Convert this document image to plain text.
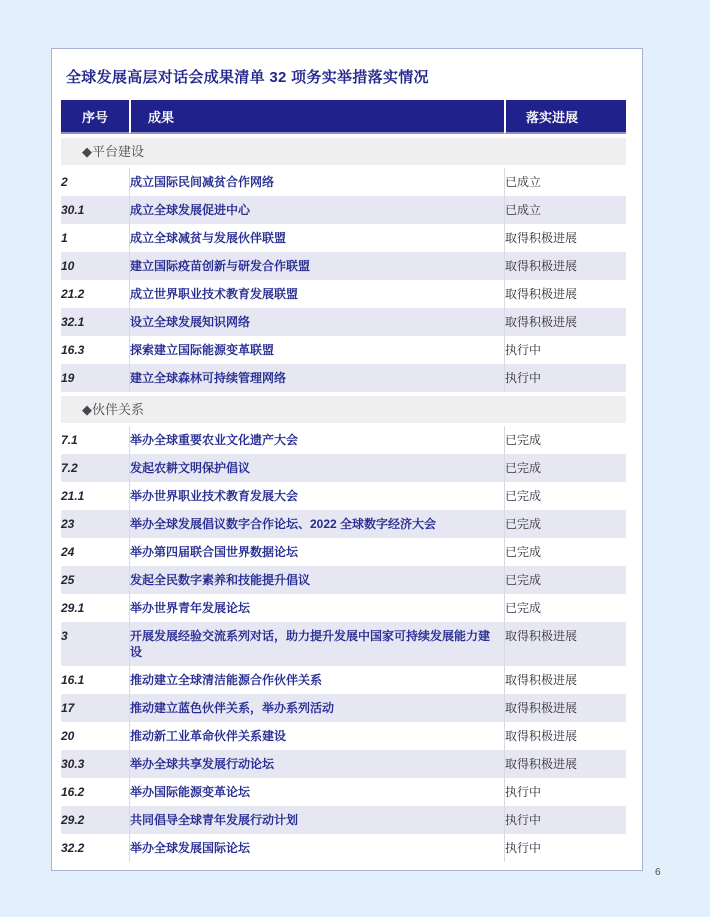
全球发展高层对话会成果清单 32 项务实举措落实情况
序号	成果	落实进展
◆平台建设		
2	成立国际民间减贫合作网络	已成立
30.1	成立全球发展促进中心	已成立
1	成立全球减贫与发展伙伴联盟	取得积极进展
10	建立国际疫苗创新与研发合作联盟	取得积极进展
21.2	成立世界职业技术教育发展联盟	取得积极进展
32.1	设立全球发展知识网络	取得积极进展
16.3	探索建立国际能源变革联盟	执行中
19	建立全球森林可持续管理网络	执行中
◆伙伴关系		
7.1	举办全球重要农业文化遗产大会	已完成
7.2	发起农耕文明保护倡议	已完成
21.1	举办世界职业技术教育发展大会	已完成
23	举办全球发展倡议数字合作论坛、2022 全球数字经济大会	已完成
24	举办第四届联合国世界数据论坛	已完成
25	发起全民数字素养和技能提升倡议	已完成
29.1	举办世界青年发展论坛	已完成
3	开展发展经验交流系列对话，助力提升发展中国家可持续发展能力建设	取得积极进展
16.1	推动建立全球清洁能源合作伙伴关系	取得积极进展
17	推动建立蓝色伙伴关系，举办系列活动	取得积极进展
20	推动新工业革命伙伴关系建设	取得积极进展
30.3	举办全球共享发展行动论坛	取得积极进展
16.2	举办国际能源变革论坛	执行中
29.2	共同倡导全球青年发展行动计划	执行中
32.2	举办全球发展国际论坛	执行中
6
